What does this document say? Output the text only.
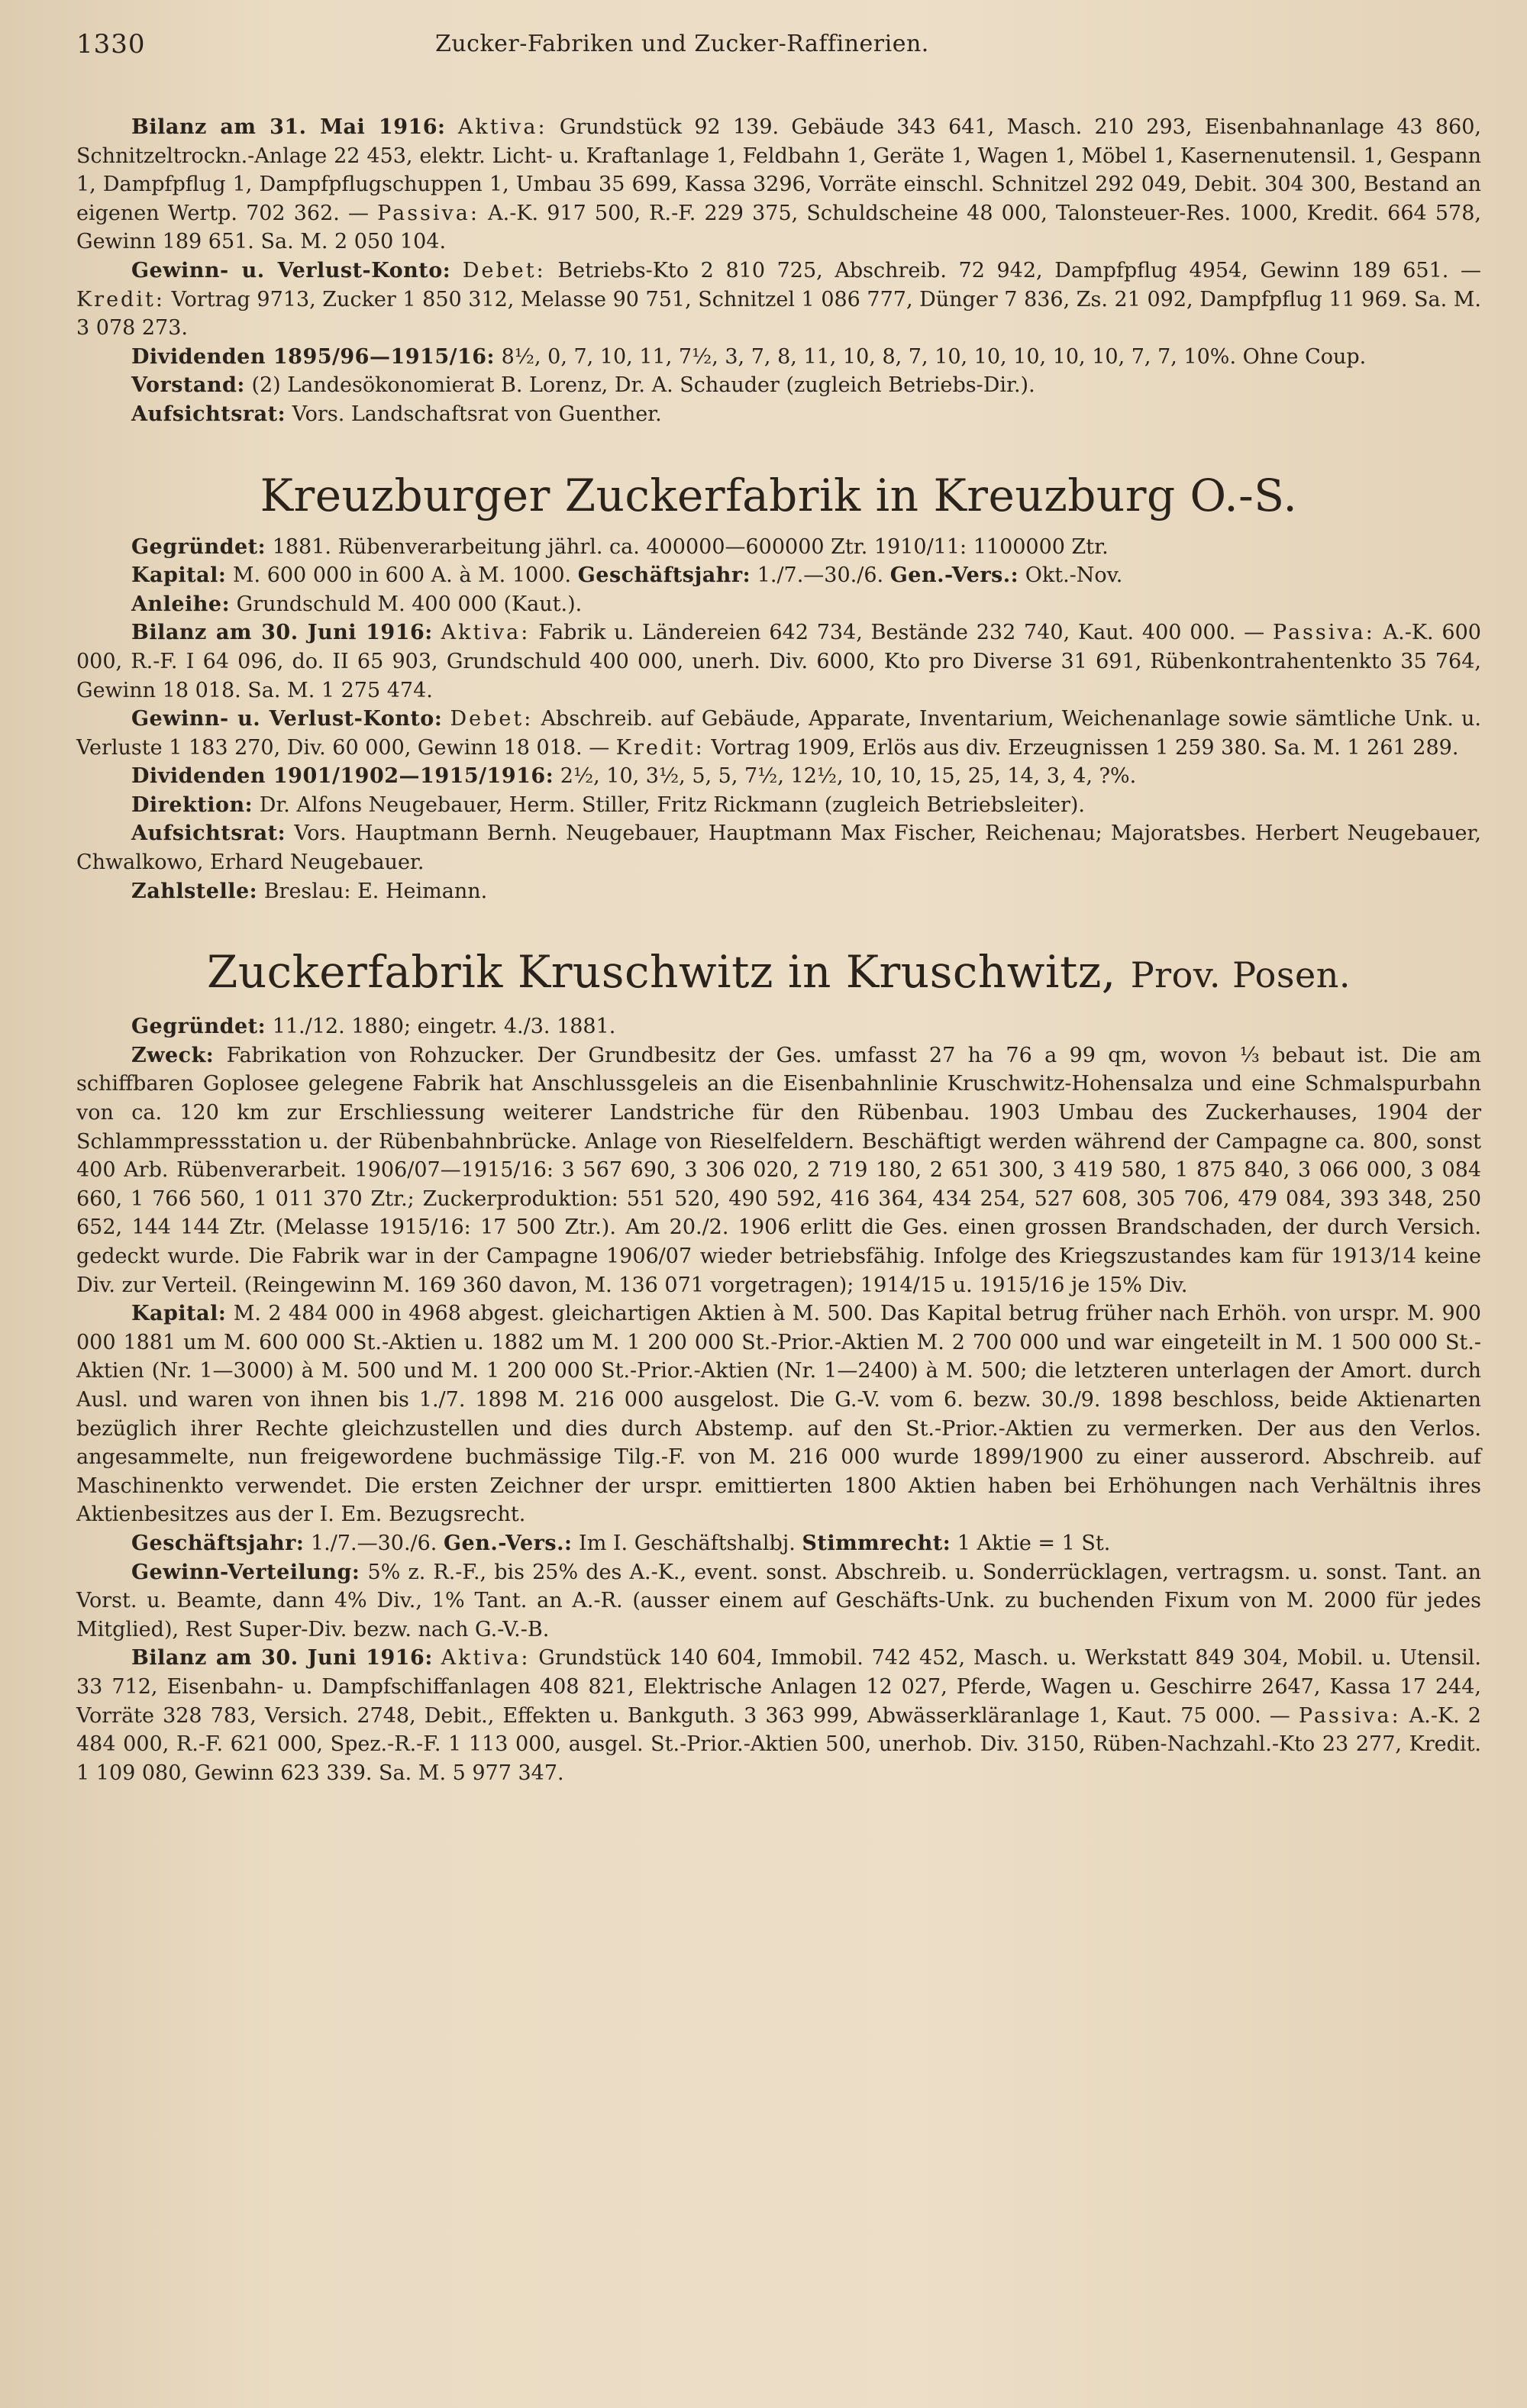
1330	Zucker-Fabriken und Zucker-Raffinerien.

Bilanz am 31. Mai 1916: Aktiva: Grundstück 92 139. Gebäude 343 641, Masch. 210 293, Eisenbahnanlage 43 860, Schnitzeltrockn.-Anlage 22 453, elektr. Licht- u. Kraftanlage 1, Feldbahn 1, Geräte 1, Wagen 1, Möbel 1, Kasernenutensil. 1, Gespann 1, Dampfpflug 1, Dampfpflugschuppen 1, Umbau 35 699, Kassa 3296, Vorräte einschl. Schnitzel 292 049, Debit. 304 300, Bestand an eigenen Wertp. 702 362. — Passiva: A.-K. 917 500, R.-F. 229 375, Schuldscheine 48 000, Talonsteuer-Res. 1000, Kredit. 664 578, Gewinn 189 651. Sa. M. 2 050 104.

Gewinn- u. Verlust-Konto: Debet: Betriebs-Kto 2 810 725, Abschreib. 72 942, Dampfpflug 4954, Gewinn 189 651. — Kredit: Vortrag 9713, Zucker 1 850 312, Melasse 90 751, Schnitzel 1 086 777, Dünger 7 836, Zs. 21 092, Dampfpflug 11 969. Sa. M. 3 078 273.

Dividenden 1895/96—1915/16: 8½, 0, 7, 10, 11, 7½, 3, 7, 8, 11, 10, 8, 7, 10, 10, 10, 10, 10, 7, 7, 10%. Ohne Coup.

Vorstand: (2) Landesökonomierat B. Lorenz, Dr. A. Schauder (zugleich Betriebs-Dir.).

Aufsichtsrat: Vors. Landschaftsrat von Guenther.

Kreuzburger Zuckerfabrik in Kreuzburg O.-S.

Gegründet: 1881. Rübenverarbeitung jährl. ca. 400000—600000 Ztr. 1910/11: 1100000 Ztr.

Kapital: M. 600 000 in 600 A. à M. 1000. Geschäftsjahr: 1./7.—30./6. Gen.-Vers.: Okt.-Nov.

Anleihe: Grundschuld M. 400 000 (Kaut.).

Bilanz am 30. Juni 1916: Aktiva: Fabrik u. Ländereien 642 734, Bestände 232 740, Kaut. 400 000. — Passiva: A.-K. 600 000, R.-F. I 64 096, do. II 65 903, Grundschuld 400 000, unerh. Div. 6000, Kto pro Diverse 31 691, Rübenkontrahentenkto 35 764, Gewinn 18 018. Sa. M. 1 275 474.

Gewinn- u. Verlust-Konto: Debet: Abschreib. auf Gebäude, Apparate, Inventarium, Weichenanlage sowie sämtliche Unk. u. Verluste 1 183 270, Div. 60 000, Gewinn 18 018. — Kredit: Vortrag 1909, Erlös aus div. Erzeugnissen 1 259 380. Sa. M. 1 261 289.

Dividenden 1901/1902—1915/1916: 2½, 10, 3½, 5, 5, 7½, 12½, 10, 10, 15, 25, 14, 3, 4, ?%.

Direktion: Dr. Alfons Neugebauer, Herm. Stiller, Fritz Rickmann (zugleich Betriebsleiter).

Aufsichtsrat: Vors. Hauptmann Bernh. Neugebauer, Hauptmann Max Fischer, Reichenau; Majoratsbes. Herbert Neugebauer, Chwalkowo, Erhard Neugebauer.

Zahlstelle: Breslau: E. Heimann.

Zuckerfabrik Kruschwitz in Kruschwitz, Prov. Posen.

Gegründet: 11./12. 1880; eingetr. 4./3. 1881.

Zweck: Fabrikation von Rohzucker. Der Grundbesitz der Ges. umfasst 27 ha 76 a 99 qm, wovon ⅓ bebaut ist. Die am schiffbaren Goplosee gelegene Fabrik hat Anschlussgeleis an die Eisenbahnlinie Kruschwitz-Hohensalza und eine Schmalspurbahn von ca. 120 km zur Erschliessung weiterer Landstriche für den Rübenbau. 1903 Umbau des Zuckerhauses, 1904 der Schlammpressstation u. der Rübenbahnbrücke. Anlage von Rieselfeldern. Beschäftigt werden während der Campagne ca. 800, sonst 400 Arb. Rübenverarbeit. 1906/07—1915/16: 3 567 690, 3 306 020, 2 719 180, 2 651 300, 3 419 580, 1 875 840, 3 066 000, 3 084 660, 1 766 560, 1 011 370 Ztr.; Zuckerproduktion: 551 520, 490 592, 416 364, 434 254, 527 608, 305 706, 479 084, 393 348, 250 652, 144 144 Ztr. (Melasse 1915/16: 17 500 Ztr.). Am 20./2. 1906 erlitt die Ges. einen grossen Brandschaden, der durch Versich. gedeckt wurde. Die Fabrik war in der Campagne 1906/07 wieder betriebsfähig. Infolge des Kriegszustandes kam für 1913/14 keine Div. zur Verteil. (Reingewinn M. 169 360 davon, M. 136 071 vorgetragen); 1914/15 u. 1915/16 je 15% Div.

Kapital: M. 2 484 000 in 4968 abgest. gleichartigen Aktien à M. 500. Das Kapital betrug früher nach Erhöh. von urspr. M. 900 000 1881 um M. 600 000 St.-Aktien u. 1882 um M. 1 200 000 St.-Prior.-Aktien M. 2 700 000 und war eingeteilt in M. 1 500 000 St.-Aktien (Nr. 1—3000) à M. 500 und M. 1 200 000 St.-Prior.-Aktien (Nr. 1—2400) à M. 500; die letzteren unterlagen der Amort. durch Ausl. und waren von ihnen bis 1./7. 1898 M. 216 000 ausgelost. Die G.-V. vom 6. bezw. 30./9. 1898 beschloss, beide Aktienarten bezüglich ihrer Rechte gleichzustellen und dies durch Abstemp. auf den St.-Prior.-Aktien zu vermerken. Der aus den Verlos. angesammelte, nun freigewordene buchmässige Tilg.-F. von M. 216 000 wurde 1899/1900 zu einer ausserord. Abschreib. auf Maschinenkto verwendet. Die ersten Zeichner der urspr. emittierten 1800 Aktien haben bei Erhöhungen nach Verhältnis ihres Aktienbesitzes aus der I. Em. Bezugsrecht.

Geschäftsjahr: 1./7.—30./6. Gen.-Vers.: Im I. Geschäftshalbj. Stimmrecht: 1 Aktie = 1 St.

Gewinn-Verteilung: 5% z. R.-F., bis 25% des A.-K., event. sonst. Abschreib. u. Sonderrücklagen, vertragsm. u. sonst. Tant. an Vorst. u. Beamte, dann 4% Div., 1% Tant. an A.-R. (ausser einem auf Geschäfts-Unk. zu buchenden Fixum von M. 2000 für jedes Mitglied), Rest Super-Div. bezw. nach G.-V.-B.

Bilanz am 30. Juni 1916: Aktiva: Grundstück 140 604, Immobil. 742 452, Masch. u. Werkstatt 849 304, Mobil. u. Utensil. 33 712, Eisenbahn- u. Dampfschiffanlagen 408 821, Elektrische Anlagen 12 027, Pferde, Wagen u. Geschirre 2647, Kassa 17 244, Vorräte 328 783, Versich. 2748, Debit., Effekten u. Bankguth. 3 363 999, Abwässerkläranlage 1, Kaut. 75 000. — Passiva: A.-K. 2 484 000, R.-F. 621 000, Spez.-R.-F. 1 113 000, ausgel. St.-Prior.-Aktien 500, unerhob. Div. 3150, Rüben-Nachzahl.-Kto 23 277, Kredit. 1 109 080, Gewinn 623 339. Sa. M. 5 977 347.
